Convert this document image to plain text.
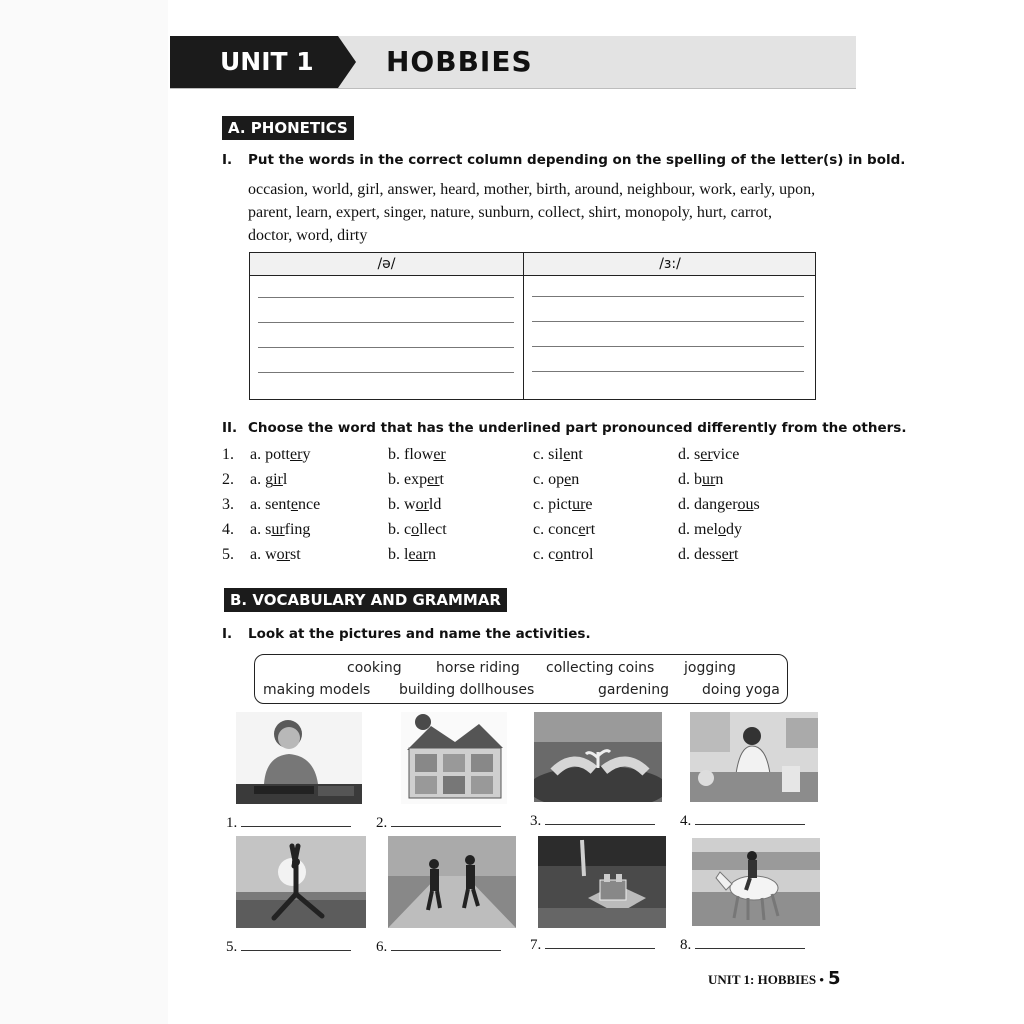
UNIT 1	HOBBIES
A. PHONETICS
I. Put the words in the correct column depending on the spelling of the letter(s) in bold.
occasion, world, girl, answer, heard, mother, birth, around, neighbour, work, early, upon, parent, learn, expert, singer, nature, sunburn, collect, shirt, monopoly, hurt, carrot, doctor, word, dirty
/ə/	/ɜ:/
II. Choose the word that has the underlined part pronounced differently from the others.
1. a. pottery	b. flower	c. silent	d. service
2. a. girl	b. expert	c. open	d. burn
3. a. sentence	b. world	c. picture	d. dangerous
4. a. surfing	b. collect	c. concert	d. melody
5. a. worst	b. learn	c. control	d. dessert
B. VOCABULARY AND GRAMMAR
I. Look at the pictures and name the activities.
cooking horse riding collecting coins jogging
making models building dollhouses	gardening doing yoga
1.	2.	3.	4.
5.	6.	7.	8.
UNIT 1: HOBBIES • 5
